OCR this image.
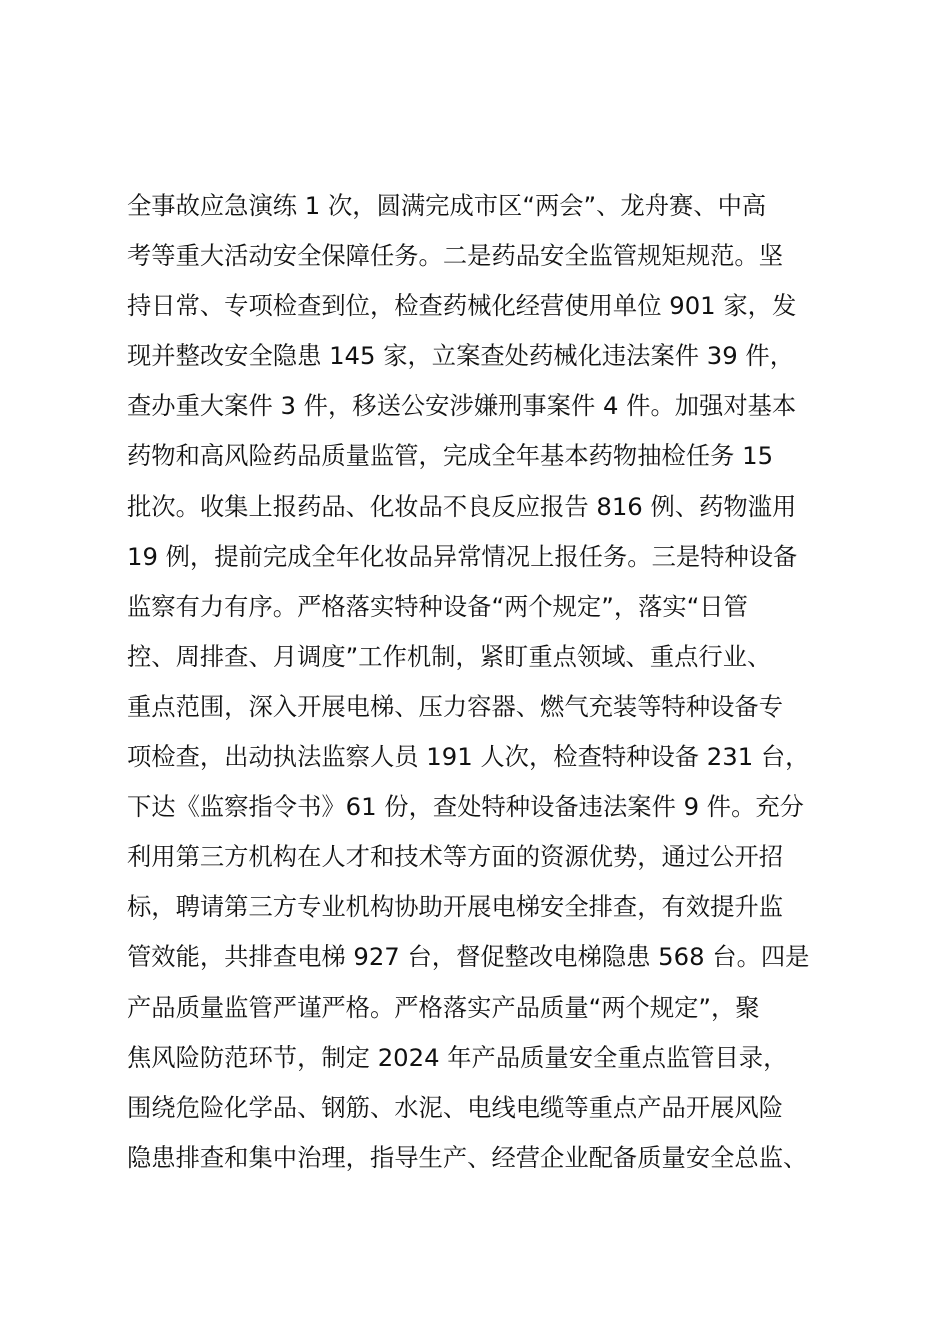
全事故应急演练 1 次，圆满完成市区“两会”、龙舟赛、中高
考等重大活动安全保障任务。二是药品安全监管规矩规范。坚
持日常、专项检查到位，检查药械化经营使用单位 901 家，发
现并整改安全隐患 145 家，立案查处药械化违法案件 39 件，
查办重大案件 3 件，移送公安涉嫌刑事案件 4 件。加强对基本
药物和高风险药品质量监管，完成全年基本药物抽检任务 15
批次。收集上报药品、化妆品不良反应报告 816 例、药物滥用
19 例，提前完成全年化妆品异常情况上报任务。三是特种设备
监察有力有序。严格落实特种设备“两个规定”，落实“日管
控、周排查、月调度”工作机制，紧盯重点领域、重点行业、
重点范围，深入开展电梯、压力容器、燃气充装等特种设备专
项检查，出动执法监察人员 191 人次，检查特种设备 231 台，
下达《监察指令书》61 份，查处特种设备违法案件 9 件。充分
利用第三方机构在人才和技术等方面的资源优势，通过公开招
标，聘请第三方专业机构协助开展电梯安全排查，有效提升监
管效能，共排查电梯 927 台，督促整改电梯隐患 568 台。四是
产品质量监管严谨严格。严格落实产品质量“两个规定”，聚
焦风险防范环节，制定 2024 年产品质量安全重点监管目录，
围绕危险化学品、钢筋、水泥、电线电缆等重点产品开展风险
隐患排查和集中治理，指导生产、经营企业配备质量安全总监、
